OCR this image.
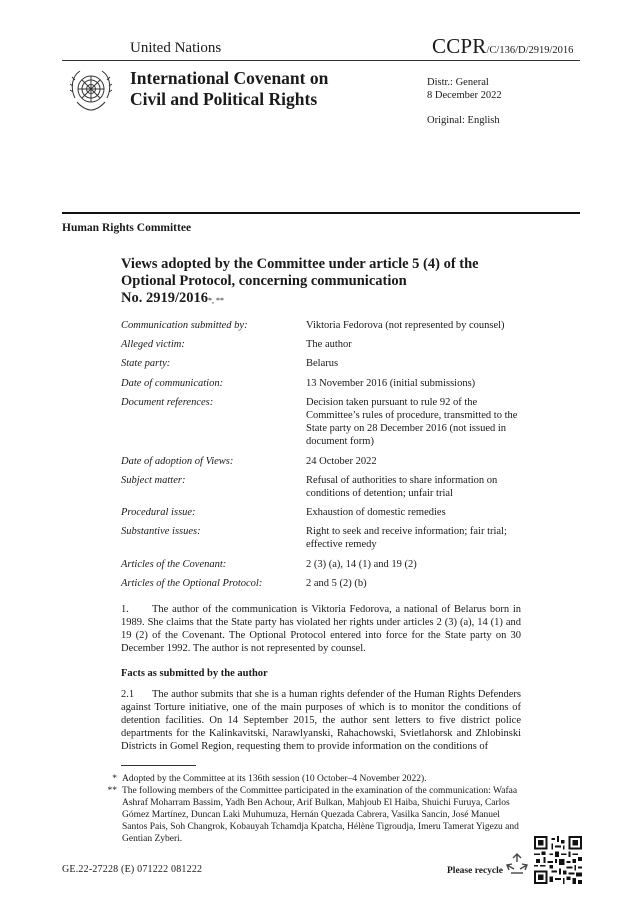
United Nations	CCPR/C/136/D/2919/2016
International Covenant on
Civil and Political Rights
Distr.: General
8 December 2022
Original: English
Human Rights Committee
Views adopted by the Committee under article 5 (4) of the
Optional Protocol, concerning communication
No. 2919/2016*, **
Communication submitted by:	Viktoria Fedorova (not represented by counsel)
Alleged victim:	The author
State party:	Belarus
Date of communication:	13 November 2016 (initial submissions)
Document references:	Decision taken pursuant to rule 92 of the Committee’s rules of procedure, transmitted to the State party on 28 December 2016 (not issued in document form)
Date of adoption of Views:	24 October 2022
Subject matter:	Refusal of authorities to share information on conditions of detention; unfair trial
Procedural issue:	Exhaustion of domestic remedies
Substantive issues:	Right to seek and receive information; fair trial; effective remedy
Articles of the Covenant:	2 (3) (a), 14 (1) and 19 (2)
Articles of the Optional Protocol:	2 and 5 (2) (b)
1. The author of the communication is Viktoria Fedorova, a national of Belarus born in 1989. She claims that the State party has violated her rights under articles 2 (3) (a), 14 (1) and 19 (2) of the Covenant. The Optional Protocol entered into force for the State party on 30 December 1992. The author is not represented by counsel.
Facts as submitted by the author
2.1 The author submits that she is a human rights defender of the Human Rights Defenders against Torture initiative, one of the main purposes of which is to monitor the conditions of detention facilities. On 14 September 2015, the author sent letters to five district police departments for the Kalinkavitski, Narawlyanski, Rahachowski, Svietlahorsk and Zhlobinski Districts in Gomel Region, requesting them to provide information on the conditions of
* Adopted by the Committee at its 136th session (10 October–4 November 2022).
** The following members of the Committee participated in the examination of the communication: Wafaa Ashraf Moharram Bassim, Yadh Ben Achour, Arif Bulkan, Mahjoub El Haiba, Shuichi Furuya, Carlos Gómez Martínez, Duncan Laki Muhumuza, Hernán Quezada Cabrera, Vasilka Sancin, José Manuel Santos Pais, Soh Changrok, Kobauyah Tchamdja Kpatcha, Hélène Tigroudja, Imeru Tamerat Yigezu and Gentian Zyberi.
GE.22-27228 (E) 071222 081222	Please recycle
